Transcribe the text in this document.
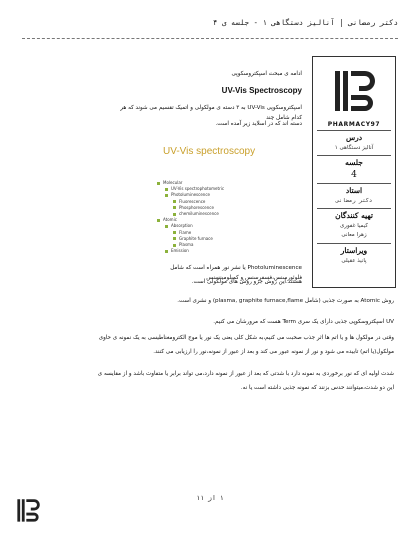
دکتر رمضانی | آنالیز دستگاهی ۱ - جلسه ی ۴
PHARMACY97
درس
آنالیز دستگاهی ۱
جلسه
4
استاد
دکتر رمضانی
تهیه کنندگان
کیمیا غفوری
زهرا معانی
ویراستار
پانیذ عقیلی
ادامه ی مبحث اسپکتروسکوپی
UV-Vis Spectroscopy
اسپکتروسکوپی UV-Vis به ۳ دسته ی مولکولی و اتمیک تقسیم می شوند که هر کدام شامل چند
دسته اند که در اسلاید زیر آمده است.
UV-Vis spectroscopy
Molecular
UV-Vis spectrophotometric
Photoluminescence
Fluorescence
Phosphorescence
chemiluminescence
Atomic
Absorption
Flame
Graphite furnace
Plasma
Emission
Photoluminescence یا نشر نور همراه است که شامل فلوئورسنس،فسفرسنس و کمیلومینسنس
هستند.این روش جزو روش های مولکولی است.
روش Atomic به صورت جذبی (شامل plasma, graphite furnace,flame) و نشری است.
UV اسپکتروسکوپی جذبی دارای یک سری Term هست که مرورشان می کنیم.
وقتی در مولکول ها و یا اتم ها اثر جذب صحبت می کنیم،به شکل کلی یعنی یک نور یا موج الکترومغناطیسی به یک نمونه ی حاوی
مولکول(یا اتم) تابیده می شود و نور از نمونه عبور می کند و بعد از عبور از نمونه،نور را ارزیابی می کنند.
شدت اولیه ای که نور برخوردی به نمونه دارد با شدتی که بعد از عبور از نمونه دارد،می تواند برابر یا متفاوت باشد و از مقایسه ی
این دو شدت،میتوانند حدس بزنند که نمونه جذبی داشته است یا نه.
۱ از ۱۱
